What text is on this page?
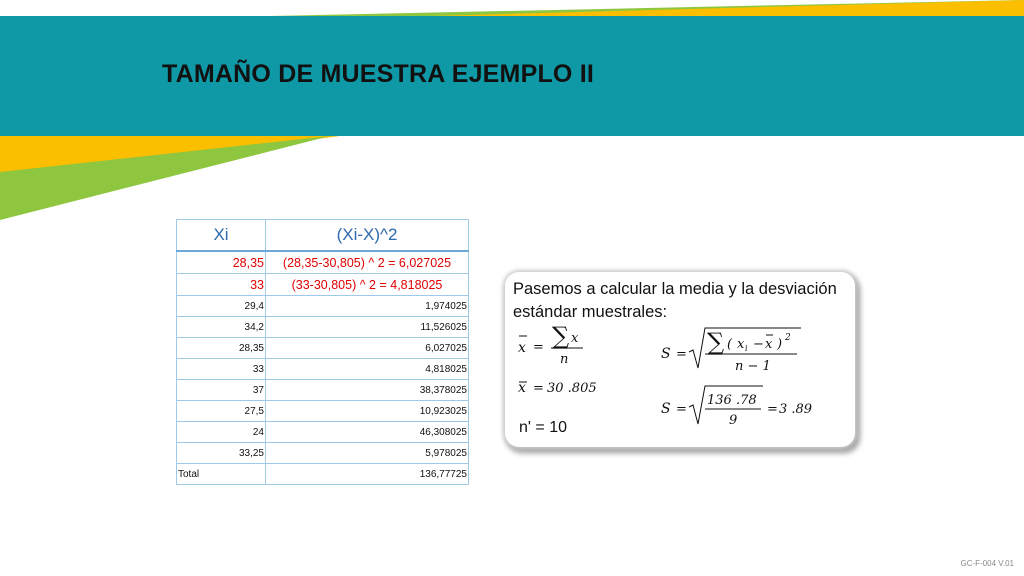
TAMAÑO DE MUESTRA EJEMPLO II
Xi	(Xi-X)^2
28,35	(28,35-30,805) ^ 2 = 6,027025
33	(33-30,805) ^ 2 = 4,818025
29,4	1,974025
34,2	11,526025
28,35	6,027025
33	4,818025
37	38,378025
27,5	10,923025
24	46,308025
33,25	5,978025
Total	136,77725
Pasemos a calcular la media y la desviación estándar muestrales:
x = ∑ x
n
x = 30 .805
n' = 10
S = ∑ ( x i − x ) 2
n − 1
S =
136 .78
9
= 3 .89
GC-F-004 V.01
